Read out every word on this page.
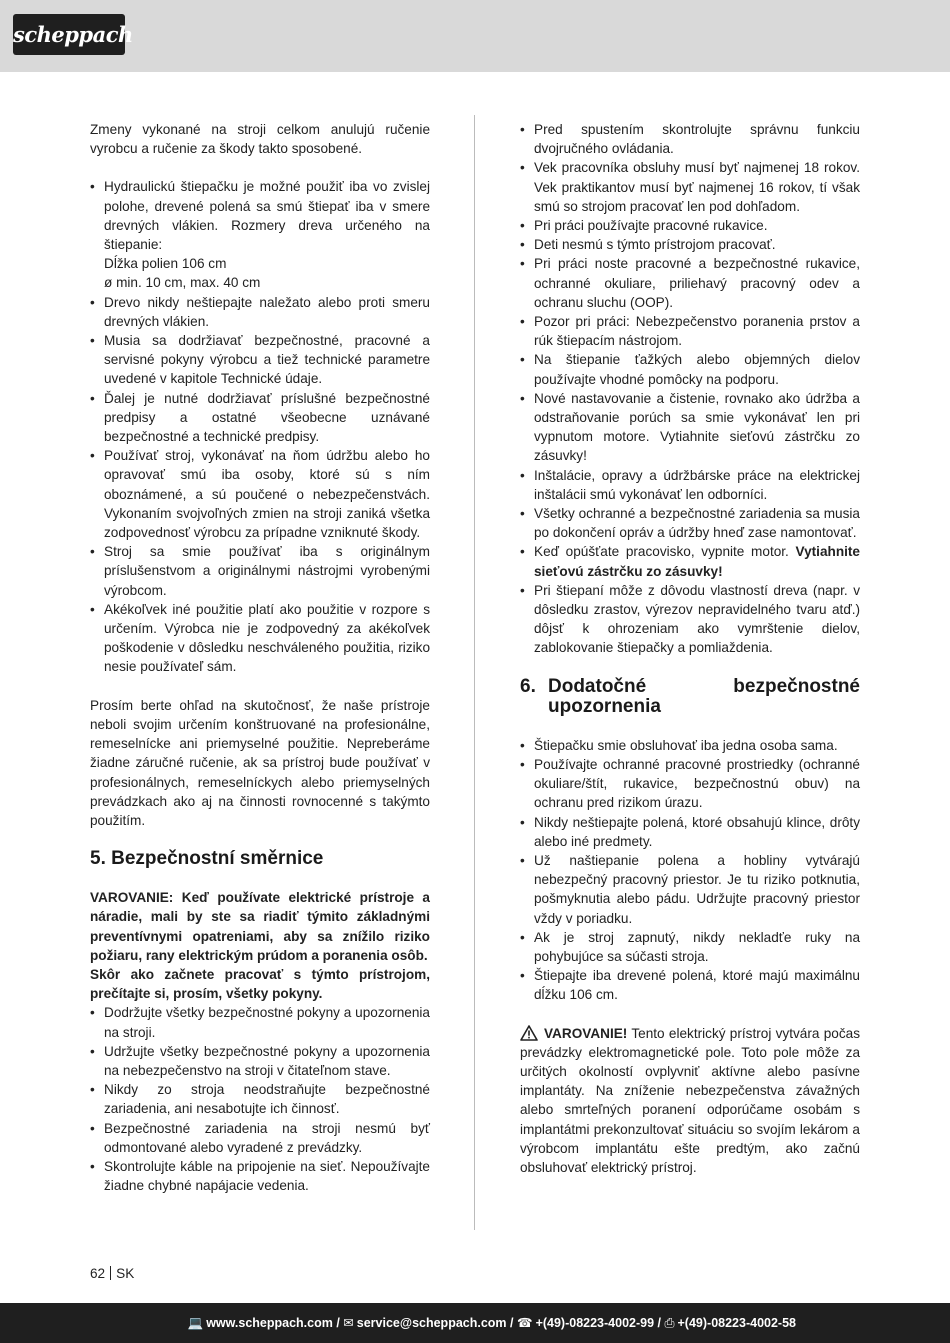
scheppach

Zmeny vykonané na stroji celkom anulujú ručenie vyrobcu a ručenie za škody takto sposobené.

• Hydraulickú štiepačku je možné použiť iba vo zvislej polohe, drevené polená sa smú štiepať iba v smere drevných vlákien. Rozmery dreva určeného na štiepanie:
Dĺžka polien 106 cm
ø min. 10 cm, max. 40 cm
• Drevo nikdy neštiepajte naležato alebo proti smeru drevných vlákien.
• Musia sa dodržiavať bezpečnostné, pracovné a servisné pokyny výrobcu a tiež technické parametre uvedené v kapitole Technické údaje.
• Ďalej je nutné dodržiavať príslušné bezpečnostné predpisy a ostatné všeobecne uznávané bezpečnostné a technické predpisy.
• Používať stroj, vykonávať na ňom údržbu alebo ho opravovať smú iba osoby, ktoré sú s ním oboznámené, a sú poučené o nebezpečenstvách. Vykonaním svojvoľných zmien na stroji zaniká všetka zodpovednosť výrobcu za prípadne vzniknuté škody.
• Stroj sa smie používať iba s originálnym príslušenstvom a originálnymi nástrojmi vyrobenými výrobcom.
• Akékoľvek iné použitie platí ako použitie v rozpore s určením. Výrobca nie je zodpovedný za akékoľvek poškodenie v dôsledku neschváleného použitia, riziko nesie používateľ sám.

Prosím berte ohľad na skutočnosť, že naše prístroje neboli svojim určením konštruované na profesionálne, remeselnícke ani priemyselné použitie. Nepreberáme žiadne záručné ručenie, ak sa prístroj bude používať v profesionálnych, remeselníckych alebo priemyselných prevádzkach ako aj na činnosti rovnocenné s takýmto použitím.

5. Bezpečnostní směrnice

VAROVANIE: Keď používate elektrické prístroje a náradie, mali by ste sa riadiť týmito základnými preventívnymi opatreniami, aby sa znížilo riziko požiaru, rany elektrickým prúdom a poranenia osôb.

Skôr ako začnete pracovať s týmto prístrojom, prečítajte si, prosím, všetky pokyny.

• Dodržujte všetky bezpečnostné pokyny a upozornenia na stroji.
• Udržujte všetky bezpečnostné pokyny a upozornenia na nebezpečenstvo na stroji v čitateľnom stave.
• Nikdy zo stroja neodstraňujte bezpečnostné zariadenia, ani nesabotujte ich činnosť.
• Bezpečnostné zariadenia na stroji nesmú byť odmontované alebo vyradené z prevádzky.
• Skontrolujte káble na pripojenie na sieť. Nepoužívajte žiadne chybné napájacie vedenia.
• Pred spustením skontrolujte správnu funkciu dvojručného ovládania.
• Vek pracovníka obsluhy musí byť najmenej 18 rokov. Vek praktikantov musí byť najmenej 16 rokov, tí však smú so strojom pracovať len pod dohľadom.
• Pri práci používajte pracovné rukavice.
• Deti nesmú s týmto prístrojom pracovať.
• Pri práci noste pracovné a bezpečnostné rukavice, ochranné okuliare, priliehavý pracovný odev a ochranu sluchu (OOP).
• Pozor pri práci: Nebezpečenstvo poranenia prstov a rúk štiepacím nástrojom.
• Na štiepanie ťažkých alebo objemných dielov používajte vhodné pomôcky na podporu.
• Nové nastavovanie a čistenie, rovnako ako údržba a odstraňovanie porúch sa smie vykonávať len pri vypnutom motore. Vytiahnite sieťovú zástrčku zo zásuvky!
• Inštalácie, opravy a údržbárske práce na elektrickej inštalácii smú vykonávať len odborníci.
• Všetky ochranné a bezpečnostné zariadenia sa musia po dokončení opráv a údržby hneď zase namontovať.
• Keď opúšťate pracovisko, vypnite motor. Vytiahnite sieťovú zástrčku zo zásuvky!
• Pri štiepaní môže z dôvodu vlastností dreva (napr. v dôsledku zrastov, výrezov nepravidelného tvaru atď.) dôjsť k ohrozeniam ako vymrštenie dielov, zablokovanie štiepačky a pomliaždenia.
6. Dodatočné bezpečnostné upozornenia
• Štiepačku smie obsluhovať iba jedna osoba sama.
• Používajte ochranné pracovné prostriedky (ochranné okuliare/štít, rukavice, bezpečnostnú obuv) na ochranu pred rizikom úrazu.
• Nikdy neštiepajte polená, ktoré obsahujú klince, drôty alebo iné predmety.
• Už naštiepanie polena a hobliny vytvárajú nebezpečný pracovný priestor. Je tu riziko potknutia, pošmyknutia alebo pádu. Udržujte pracovný priestor vždy v poriadku.
• Ak je stroj zapnutý, nikdy nekladťe ruky na pohybujúce sa súčasti stroja.
• Štiepajte iba drevené polená, ktoré majú maximálnu dĺžku 106 cm.

VAROVANIE! Tento elektrický prístroj vytvára počas prevádzky elektromagnetické pole. Toto pole môže za určitých okolností ovplyvniť aktívne alebo pasívne implantáty. Na zníženie nebezpečenstva závažných alebo smrteľných poranení odporúčame osobám s implantátmi prekonzultovať situáciu so svojím lekárom a výrobcom implantátu ešte predtým, ako začnú obsluhovať elektrický prístroj.

62 SK
💻 www.scheppach.com / ✉ service@scheppach.com / ☎ +(49)-08223-4002-99 / ⎙ +(49)-08223-4002-58
